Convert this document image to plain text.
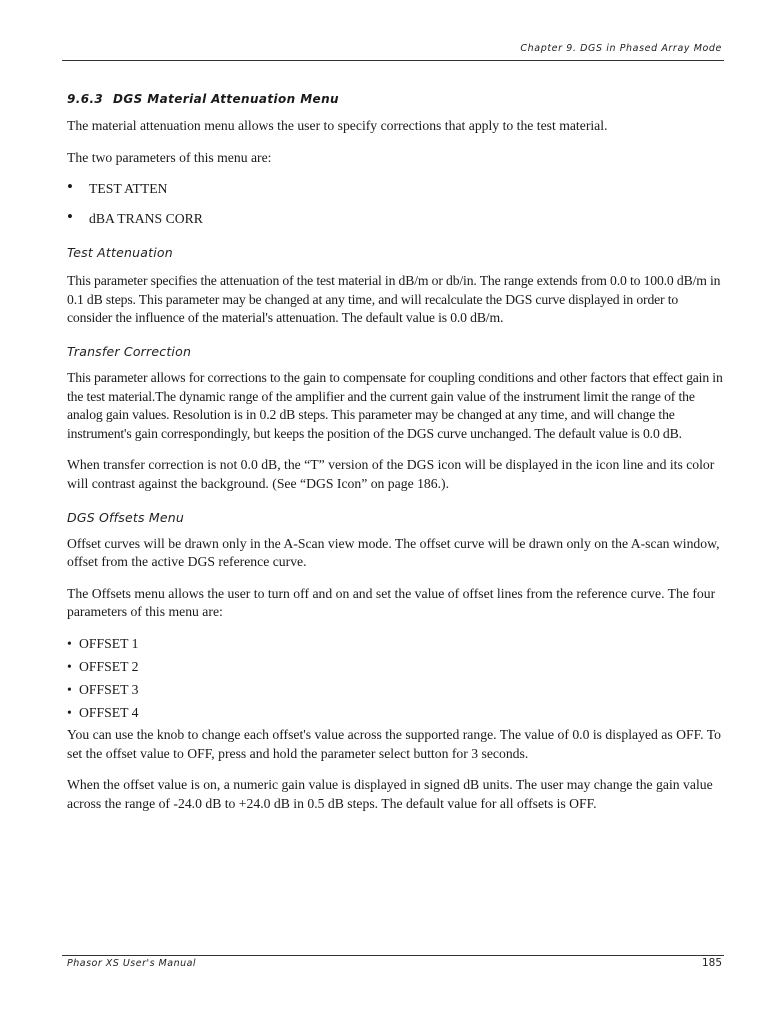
Chapter 9. DGS in Phased Array Mode
9.6.3 DGS Material Attenuation Menu

The material attenuation menu allows the user to specify corrections that apply to the test material.

The two parameters of this menu are:

• TEST ATTEN
• dBA TRANS CORR
Test Attenuation

This parameter specifies the attenuation of the test material in dB/m or db/in. The range extends from 0.0 to 100.0 dB/m in 0.1 dB steps. This parameter may be changed at any time, and will recalculate the DGS curve displayed in order to consider the influence of the material's attenuation. The default value is 0.0 dB/m.

Transfer Correction

This parameter allows for corrections to the gain to compensate for coupling conditions and other factors that effect gain in the test material.The dynamic range of the amplifier and the current gain value of the instrument limit the range of the analog gain values. Resolution is in 0.2 dB steps. This parameter may be changed at any time, and will change the instrument's gain correspondingly, but keeps the position of the DGS curve unchanged. The default value is 0.0 dB.

When transfer correction is not 0.0 dB, the “T” version of the DGS icon will be displayed in the icon line and its color will contrast against the background. (See “DGS Icon” on page 186.).

DGS Offsets Menu

Offset curves will be drawn only in the A-Scan view mode. The offset curve will be drawn only on the A-scan window, offset from the active DGS reference curve.

The Offsets menu allows the user to turn off and on and set the value of offset lines from the reference curve. The four parameters of this menu are:

• OFFSET 1
• OFFSET 2
• OFFSET 3
• OFFSET 4

You can use the knob to change each offset's value across the supported range. The value of 0.0 is displayed as OFF. To set the offset value to OFF, press and hold the parameter select button for 3 seconds.

When the offset value is on, a numeric gain value is displayed in signed dB units. The user may change the gain value across the range of -24.0 dB to +24.0 dB in 0.5 dB steps. The default value for all offsets is OFF.

Phasor XS User's Manual	185
